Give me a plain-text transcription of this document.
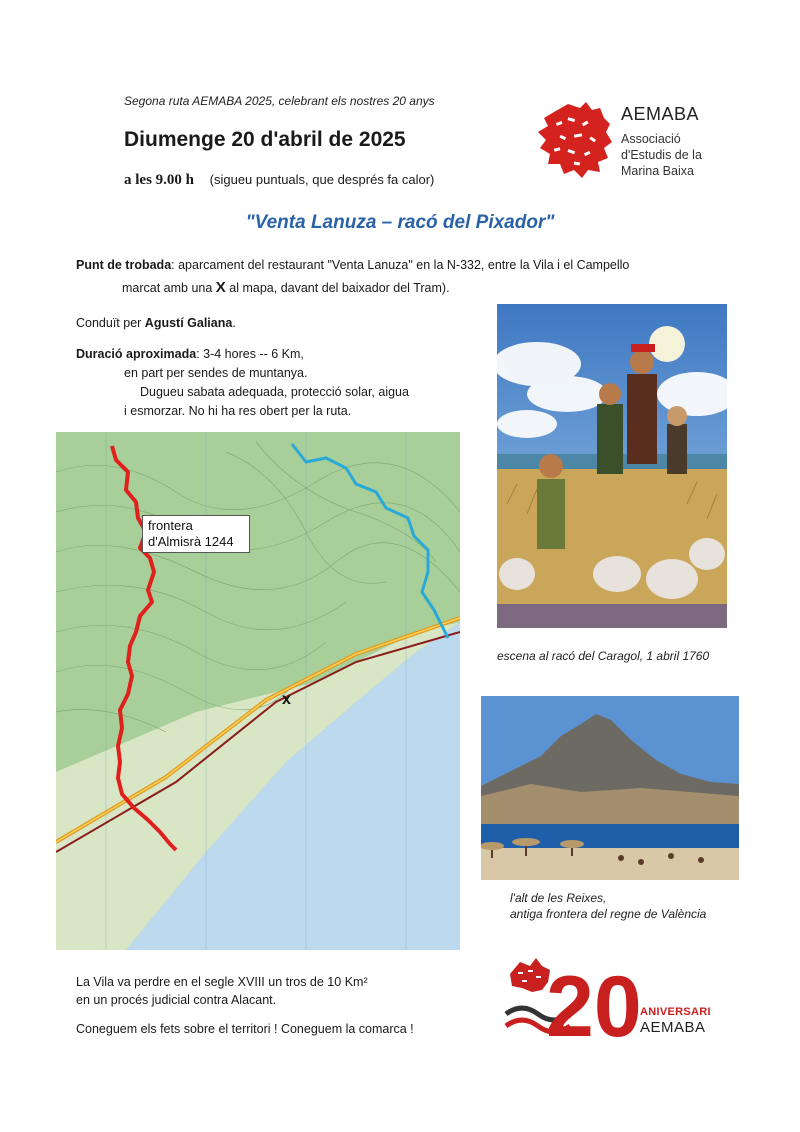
Segona ruta AEMABA 2025, celebrant els nostres 20 anys
Diumenge 20 d'abril de 2025
a les 9.00 h (sigueu puntuals, que després fa calor)
AEMABA
Associació
d'Estudis de la
Marina Baixa
"Venta Lanuza – racó del Pixador"
Punt de trobada: aparcament del restaurant "Venta Lanuza" en la N-332, entre la Vila i el Campello
marcat amb una X al mapa, davant del baixador del Tram).
Conduït per Agustí Galiana.
Duració aproximada: 3-4 hores -- 6 Km,
en part per sendes de muntanya.
Dugueu sabata adequada, protecció solar, aigua
i esmorzar. No hi ha res obert per la ruta.
x
frontera
d'Almisrà 1244
escena al racó del Caragol, 1 abril 1760
l'alt de les Reixes,
antiga frontera del regne de València
La Vila va perdre en el segle XVIII un tros de 10 Km²
en un procés judicial contra Alacant.
Coneguem els fets sobre el territori ! Coneguem la comarca ! 20
ANIVERSARI
AEMABA
